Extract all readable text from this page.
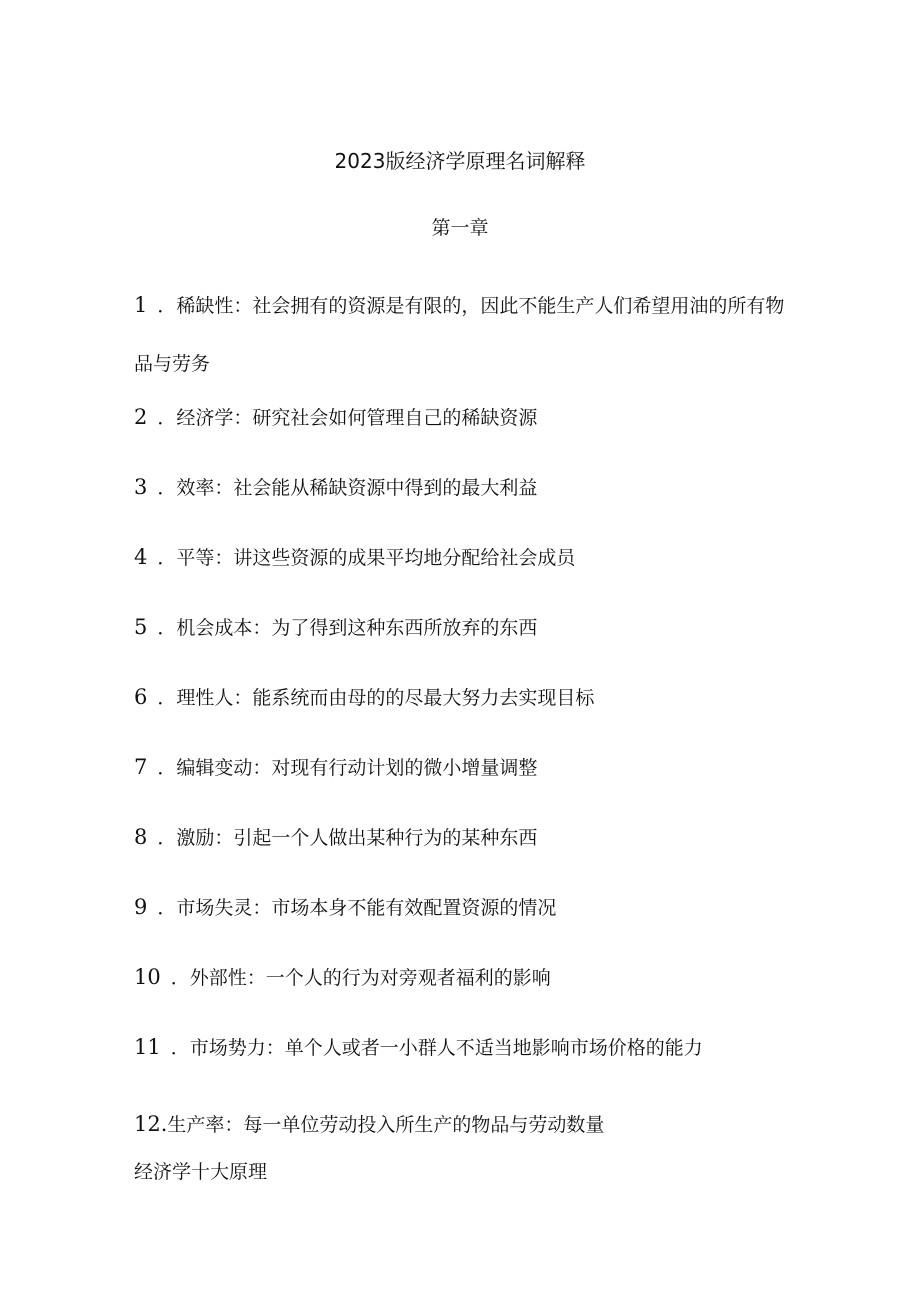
2023版经济学原理名词解释
第一章

1 ．稀缺性：社会拥有的资源是有限的，因此不能生产人们希望用油的所有物品与劳务

2 ．经济学：研究社会如何管理自己的稀缺资源

3 ．效率：社会能从稀缺资源中得到的最大利益

4 ．平等：讲这些资源的成果平均地分配给社会成员

5 ．机会成本：为了得到这种东西所放弃的东西

6 ．理性人：能系统而由母的的尽最大努力去实现目标

7 ．编辑变动：对现有行动计划的微小增量调整

8 ．激励：引起一个人做出某种行为的某种东西

9 ．市场失灵：市场本身不能有效配置资源的情况

10 ．外部性：一个人的行为对旁观者福利的影响

11 ．市场势力：单个人或者一小群人不适当地影响市场价格的能力

12.生产率：每一单位劳动投入所生产的物品与劳动数量

经济学十大原理
